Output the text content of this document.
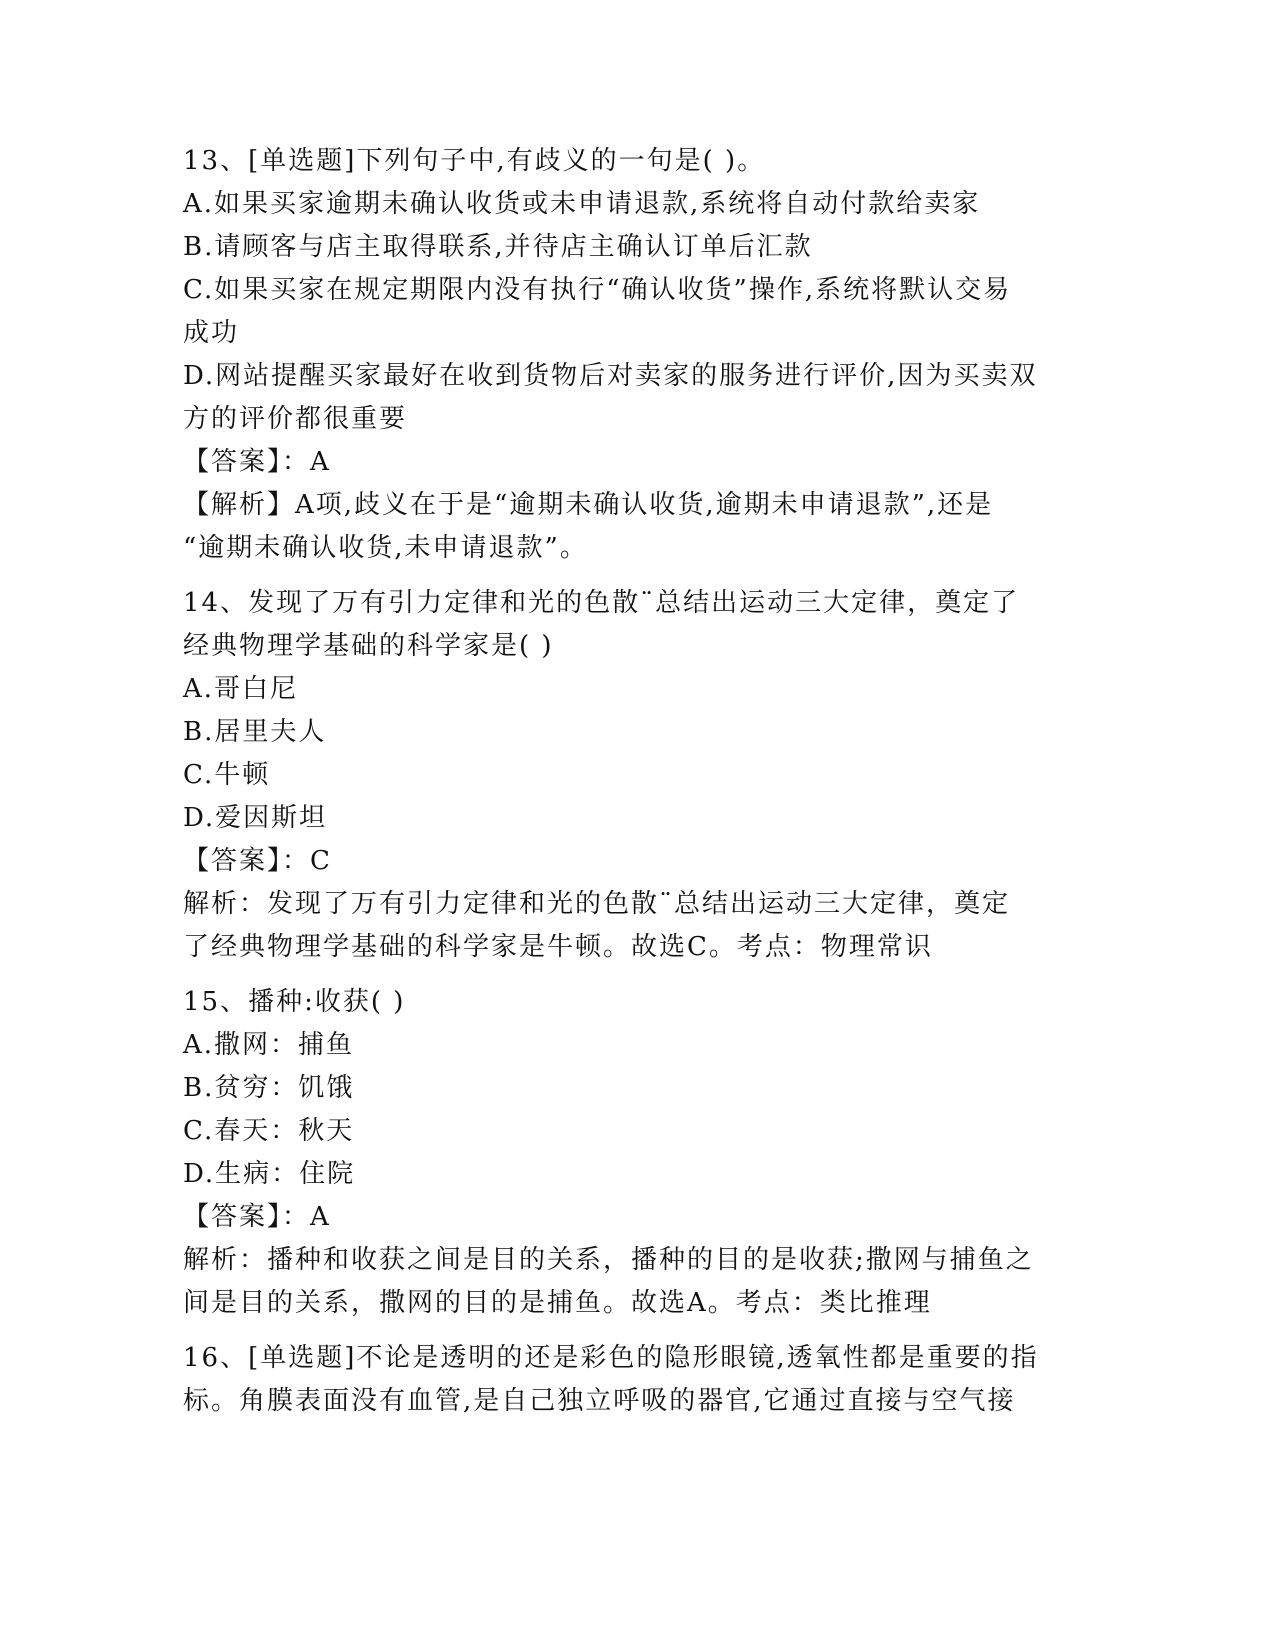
13、[单选题]下列句子中,有歧义的一句是( )。
A.如果买家逾期未确认收货或未申请退款,系统将自动付款给卖家
B.请顾客与店主取得联系,并待店主确认订单后汇款
C.如果买家在规定期限内没有执行“确认收货”操作,系统将默认交易
成功
D.网站提醒买家最好在收到货物后对卖家的服务进行评价,因为买卖双
方的评价都很重要
【答案】：A
【解析】A项,歧义在于是“逾期未确认收货,逾期未申请退款”,还是
“逾期未确认收货,未申请退款”。
14、发现了万有引力定律和光的色散¨总结出运动三大定律，奠定了
经典物理学基础的科学家是( )
A.哥白尼
B.居里夫人
C.牛顿
D.爱因斯坦
【答案】：C
解析：发现了万有引力定律和光的色散¨总结出运动三大定律，奠定
了经典物理学基础的科学家是牛顿。故选C。考点：物理常识
15、播种:收获( )
A.撒网：捕鱼
B.贫穷：饥饿
C.春天：秋天
D.生病：住院
【答案】：A
解析：播种和收获之间是目的关系，播种的目的是收获;撒网与捕鱼之
间是目的关系，撒网的目的是捕鱼。故选A。考点：类比推理
16、[单选题]不论是透明的还是彩色的隐形眼镜,透氧性都是重要的指
标。角膜表面没有血管,是自己独立呼吸的器官,它通过直接与空气接
